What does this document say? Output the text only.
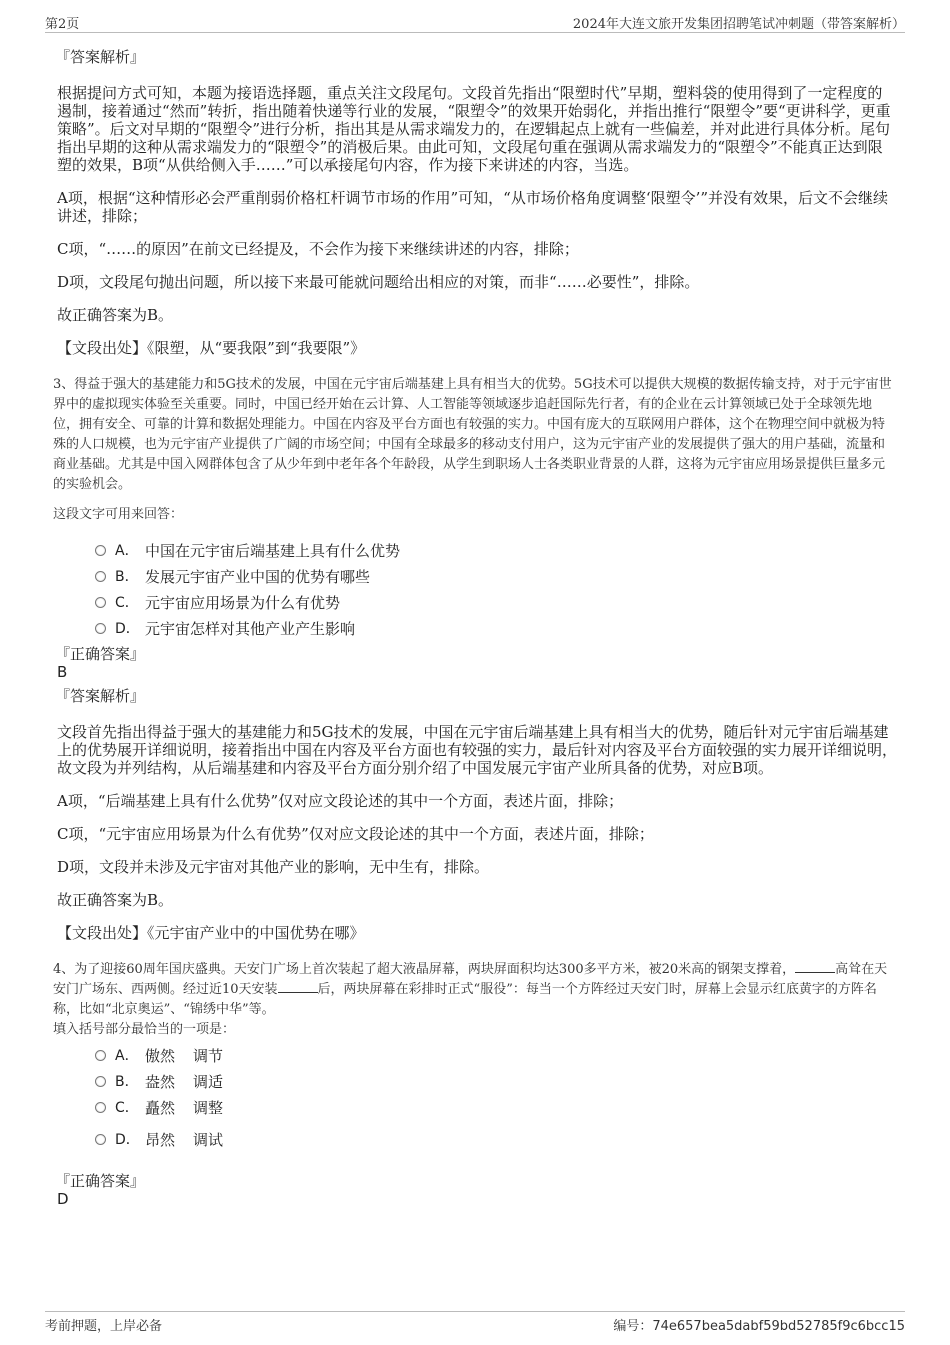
第2页	2024年大连文旅开发集团招聘笔试冲刺题（带答案解析）

『答案解析』

根据提问方式可知，本题为接语选择题，重点关注文段尾句。文段首先指出“限塑时代”早期，塑料袋的使用得到了一定程度的遏制，接着通过“然而”转折，指出随着快递等行业的发展，“限塑令”的效果开始弱化，并指出推行“限塑令”要“更讲科学，更重策略”。后文对早期的“限塑令”进行分析，指出其是从需求端发力的，在逻辑起点上就有一些偏差，并对此进行具体分析。尾句指出早期的这种从需求端发力的“限塑令”的消极后果。由此可知，文段尾句重在强调从需求端发力的“限塑令”不能真正达到限塑的效果，B项“从供给侧入手……”可以承接尾句内容，作为接下来讲述的内容，当选。

A项，根据“这种情形必会严重削弱价格杠杆调节市场的作用”可知，“从市场价格角度调整‘限塑令’”并没有效果，后文不会继续讲述，排除；

C项，“……的原因”在前文已经提及，不会作为接下来继续讲述的内容，排除；

D项，文段尾句抛出问题，所以接下来最可能就问题给出相应的对策，而非“……必要性”，排除。

故正确答案为B。

【文段出处】《限塑，从“要我限”到“我要限”》

3、得益于强大的基建能力和5G技术的发展，中国在元宇宙后端基建上具有相当大的优势。5G技术可以提供大规模的数据传输支持，对于元宇宙世界中的虚拟现实体验至关重要。同时，中国已经开始在云计算、人工智能等领域逐步追赶国际先行者，有的企业在云计算领域已处于全球领先地位，拥有安全、可靠的计算和数据处理能力。中国在内容及平台方面也有较强的实力。中国有庞大的互联网用户群体，这个在物理空间中就极为特殊的人口规模，也为元宇宙产业提供了广阔的市场空间；中国有全球最多的移动支付用户，这为元宇宙产业的发展提供了强大的用户基础，流量和商业基础。尤其是中国入网群体包含了从少年到中老年各个年龄段，从学生到职场人士各类职业背景的人群，这将为元宇宙应用场景提供巨量多元的实验机会。

这段文字可用来回答：

A． 中国在元宇宙后端基建上具有什么优势
B． 发展元宇宙产业中国的优势有哪些
C． 元宇宙应用场景为什么有优势
D． 元宇宙怎样对其他产业产生影响

『正确答案』

B

『答案解析』

文段首先指出得益于强大的基建能力和5G技术的发展，中国在元宇宙后端基建上具有相当大的优势，随后针对元宇宙后端基建上的优势展开详细说明，接着指出中国在内容及平台方面也有较强的实力，最后针对内容及平台方面较强的实力展开详细说明，故文段为并列结构，从后端基建和内容及平台方面分别介绍了中国发展元宇宙产业所具备的优势，对应B项。

A项，“后端基建上具有什么优势”仅对应文段论述的其中一个方面，表述片面，排除；

C项，“元宇宙应用场景为什么有优势”仅对应文段论述的其中一个方面，表述片面，排除；

D项，文段并未涉及元宇宙对其他产业的影响，无中生有，排除。

故正确答案为B。

【文段出处】《元宇宙产业中的中国优势在哪》

4、为了迎接60周年国庆盛典。天安门广场上首次装起了超大液晶屏幕，两块屏面积均达300多平方米，被20米高的钢架支撑着，	高耸在天安门广场东、西两侧。经过近10天安装	后，两块屏幕在彩排时正式“服役”：每当一个方阵经过天安门时，屏幕上会显示红底黄字的方阵名称，比如“北京奥运”、“锦绣中华”等。

填入括号部分最恰当的一项是：

A． 傲然 调节
B． 盎然 调适
C． 矗然 调整
D． 昂然 调试

『正确答案』

D

考前押题，上岸必备	编号：74e657bea5dabf59bd52785f9c6bcc15
